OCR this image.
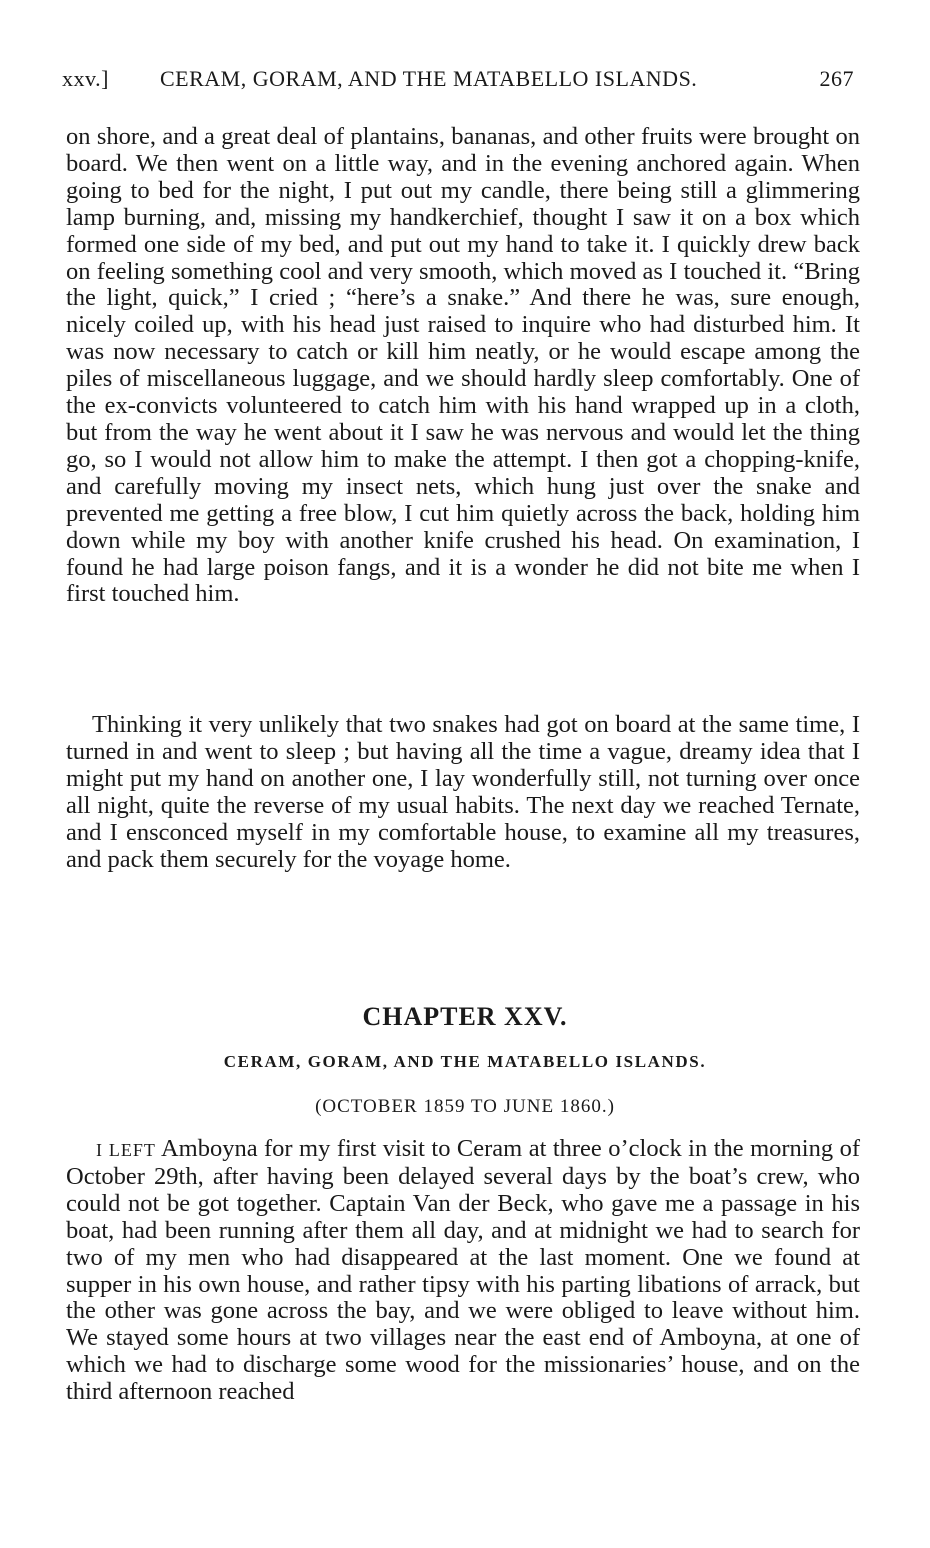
xxv.] CERAM, GORAM, AND THE MATABELLO ISLANDS.	267

on shore, and a great deal of plantains, bananas, and other fruits were brought on board. We then went on a little way, and in the evening anchored again. When going to bed for the night, I put out my candle, there being still a glimmering lamp burning, and, missing my handkerchief, thought I saw it on a box which formed one side of my bed, and put out my hand to take it. I quickly drew back on feeling something cool and very smooth, which moved as I touched it. “Bring the light, quick,” I cried ; “here’s a snake.” And there he was, sure enough, nicely coiled up, with his head just raised to inquire who had disturbed him. It was now necessary to catch or kill him neatly, or he would escape among the piles of miscellaneous luggage, and we should hardly sleep comfortably. One of the ex-convicts volunteered to catch him with his hand wrapped up in a cloth, but from the way he went about it I saw he was nervous and would let the thing go, so I would not allow him to make the attempt. I then got a chopping-knife, and carefully moving my insect nets, which hung just over the snake and prevented me getting a free blow, I cut him quietly across the back, holding him down while my boy with another knife crushed his head. On examination, I found he had large poison fangs, and it is a wonder he did not bite me when I first touched him.

Thinking it very unlikely that two snakes had got on board at the same time, I turned in and went to sleep ; but having all the time a vague, dreamy idea that I might put my hand on another one, I lay wonderfully still, not turning over once all night, quite the reverse of my usual habits. The next day we reached Ternate, and I ensconced myself in my comfortable house, to examine all my treasures, and pack them securely for the voyage home.

CHAPTER XXV.
CERAM, GORAM, AND THE MATABELLO ISLANDS.
(OCTOBER 1859 TO JUNE 1860.)

I LEFT Amboyna for my first visit to Ceram at three o’clock in the morning of October 29th, after having been delayed several days by the boat’s crew, who could not be got together. Captain Van der Beck, who gave me a passage in his boat, had been running after them all day, and at midnight we had to search for two of my men who had disappeared at the last moment. One we found at supper in his own house, and rather tipsy with his parting libations of arrack, but the other was gone across the bay, and we were obliged to leave without him. We stayed some hours at two villages near the east end of Amboyna, at one of which we had to discharge some wood for the missionaries’ house, and on the third afternoon reached
